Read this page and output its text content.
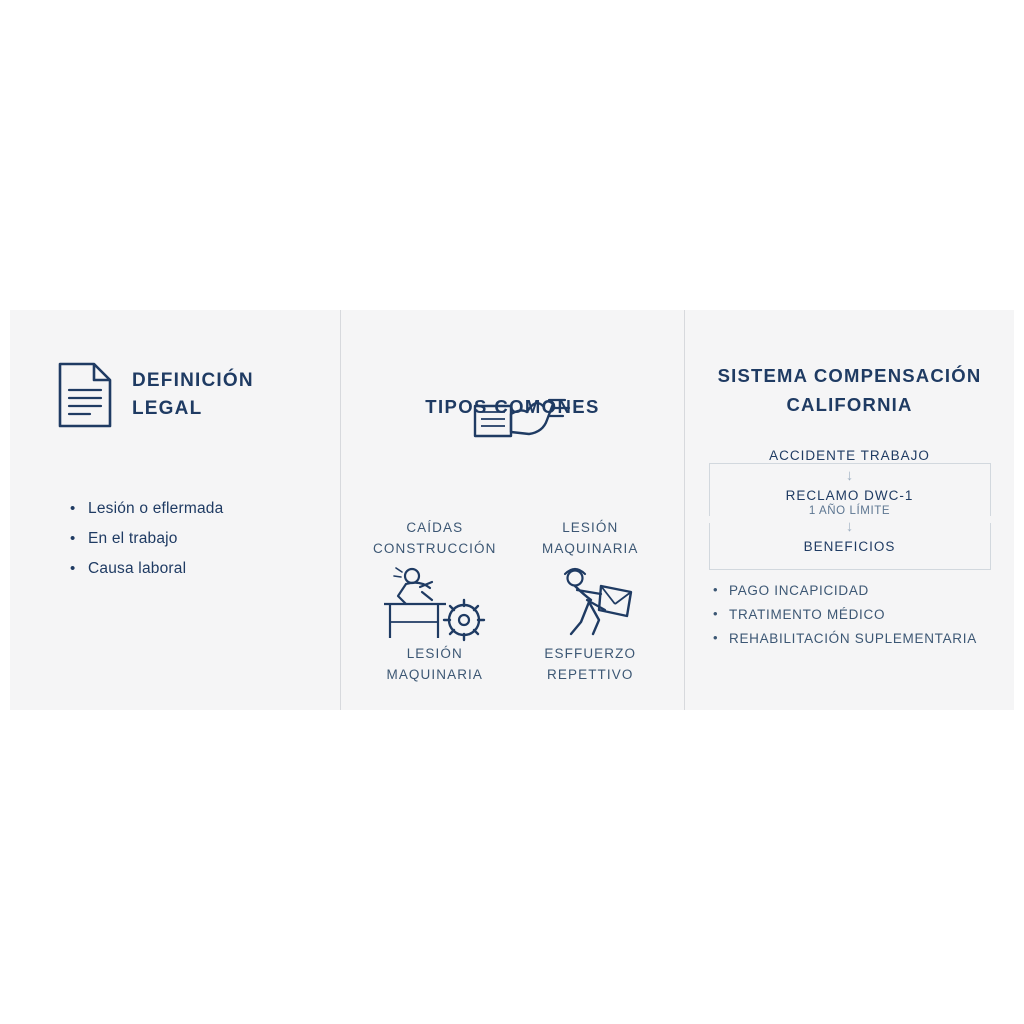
DEFINICIÓN LEGAL
• Lesión o eflermada
• En el trabajo
• Causa laboral
TIPOS COMONES
CAÍDAS CONSTRUCCIÓN
LESIÓN MAQUINARIA
LESIÓN MAQUINARIA
ESFFUERZO REPETTIVO
SISTEMA COMPENSACIÓN CALIFORNIA
ACCIDENTE TRABAJO
↓
RECLAMO DWC-1
1 AÑO LÍMITE
↓
BENEFICIOS
• PAGO INCAPICIDAD
• TRATIMENTO MÉDICO
• REHABILITACIÓN SUPLEMENTARIA
